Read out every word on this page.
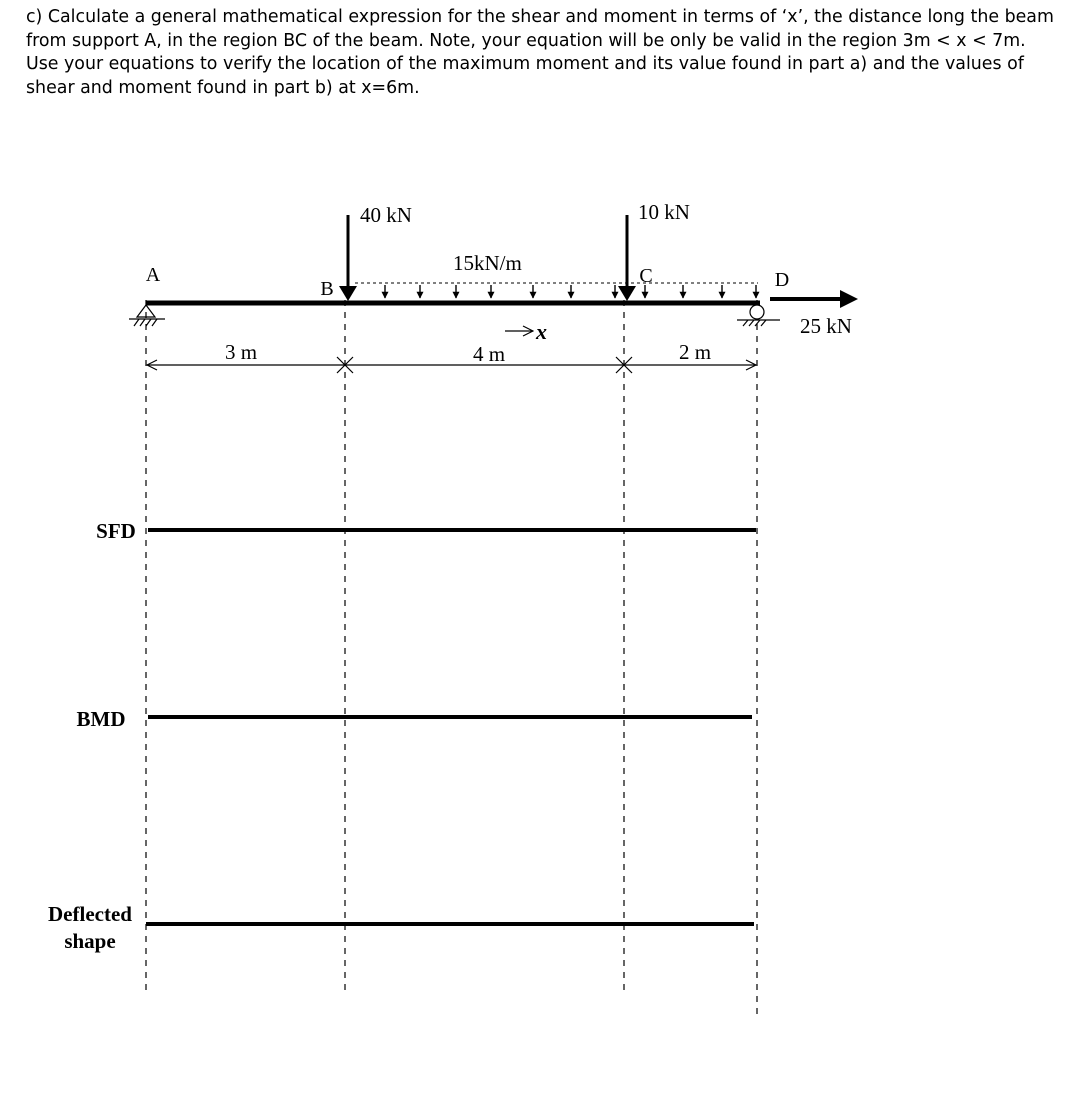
c) Calculate a general mathematical expression for the shear and moment in terms of ‘x’, the distance long the beam from support A, in the region BC of the beam. Note, your equation will be only be valid in the region 3m < x < 7m. Use your equations to verify the location of the maximum moment and its value found in part a) and the values of shear and moment found in part b) at x=6m.

A
B
C	D
40 kN	10 kN
15kN/m
25 kN
x
3 m	4 m	2 m
SFD
BMD
Deflected
shape
